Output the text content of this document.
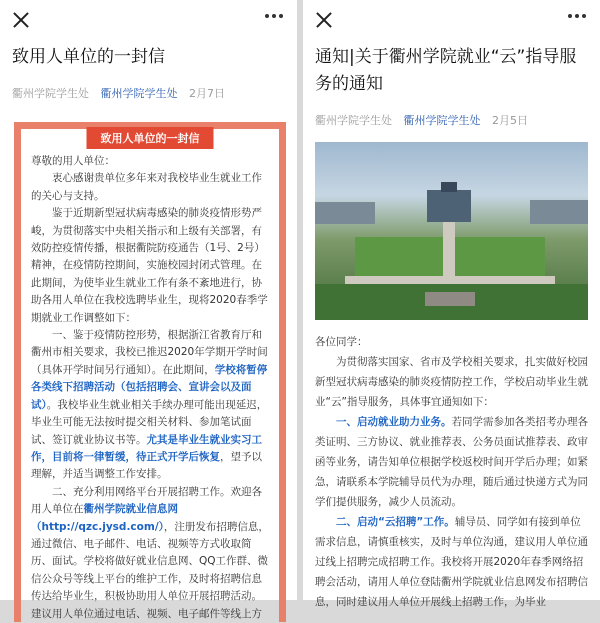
致用人单位的一封信
衢州学院学生处 衢州学院学生处 2月7日
致用人单位的一封信

尊敬的用人单位：

衷心感谢贵单位多年来对我校毕业生就业工作的关心与支持。

鉴于近期新型冠状病毒感染的肺炎疫情形势严峻，为贯彻落实中央相关指示和上级有关部署，有效防控疫情传播，根据衢院防疫通告（1号、2号）精神，在疫情防控期间，实施校园封闭式管理。在此期间，为使毕业生就业工作有条不紊地进行，协助各用人单位在我校选聘毕业生，现将2020春季学期就业工作调整如下：

一、鉴于疫情防控形势，根据浙江省教育厅和衢州市相关要求，我校已推迟2020年学期开学时间（具体开学时间另行通知）。在此期间，学校将暂停各类线下招聘活动（包括招聘会、宣讲会以及面试）。我校毕业生就业相关手续办理可能出现延迟，毕业生可能无法按时提交相关材料、参加笔试面试、签订就业协议书等。尤其是毕业生就业实习工作，目前将一律暂缓，待正式开学后恢复，望予以理解，并适当调整工作安排。

二、充分利用网络平台开展招聘工作。欢迎各用人单位在衢州学院就业信息网（http://qzc.jysd.com/），注册发布招聘信息，通过微信、电子邮件、电话、视频等方式收取简历、面试。学校将做好就业信息网、QQ工作群、微信公众号等线上平台的维护工作，及时将招聘信息传达给毕业生，积极协助用人单位开展招聘活动。建议用人单位通过电话、视频、电子邮件等线上方

通知|关于衢州学院就业“云”指导服务的通知
衢州学院学生处 衢州学院学生处 2月5日

各位同学：

为贯彻落实国家、省市及学校相关要求，扎实做好校园新型冠状病毒感染的肺炎疫情防控工作，学校启动毕业生就业“云”指导服务，具体事宜通知如下：

一、启动就业助力业务。若同学需参加各类招考办理各类证明、三方协议、就业推荐表、公务员面试推荐表、政审函等业务，请告知单位根据学校返校时间开学后办理；如紧急，请联系本学院辅导员代为办理，随后通过快递方式为同学们提供服务，减少人员流动。

二、启动“云招聘”工作。辅导员、同学如有接到单位需求信息，请慎重核实，及时与单位沟通，建议用人单位通过线上招聘完成招聘工作。我校将开展2020年春季网络招聘会活动，请用人单位登陆衢州学院就业信息网发布招聘信息，同时建议用人单位开展线上招聘工作，为毕业
